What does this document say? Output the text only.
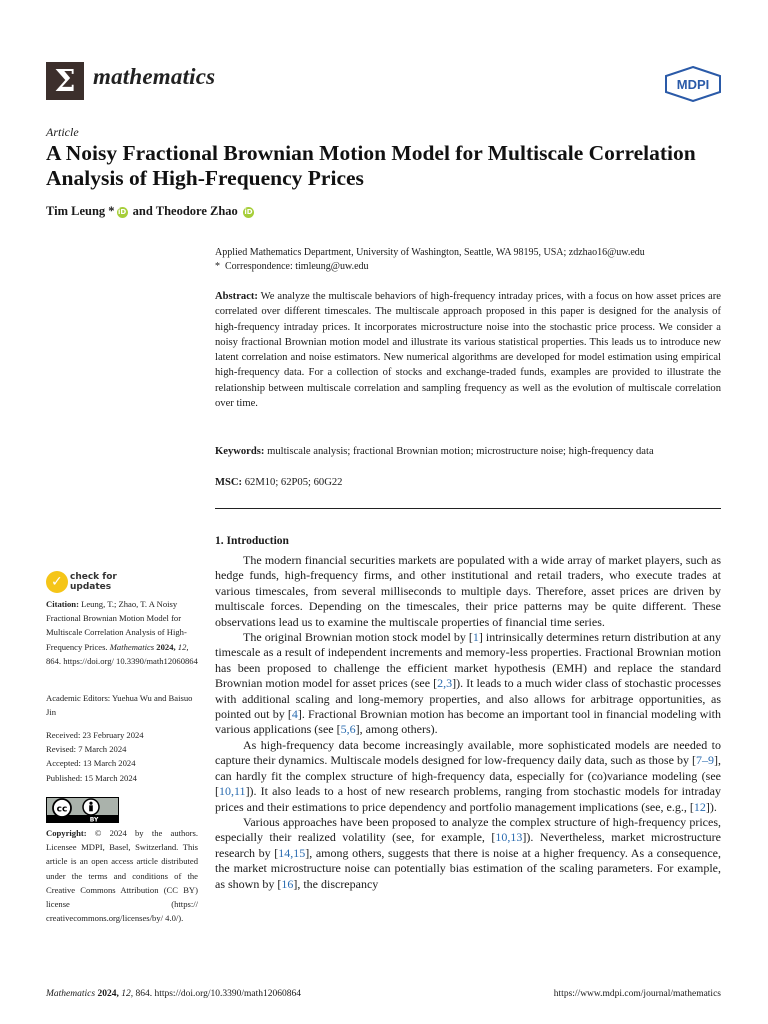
Σ mathematics	MDPI
Article
A Noisy Fractional Brownian Motion Model for Multiscale Correlation Analysis of High-Frequency Prices
Tim Leung * iD and Theodore Zhao iD
Applied Mathematics Department, University of Washington, Seattle, WA 98195, USA; zdzhao16@uw.edu
* Correspondence: timleung@uw.edu
Abstract: We analyze the multiscale behaviors of high-frequency intraday prices, with a focus on how asset prices are correlated over different timescales. The multiscale approach proposed in this paper is designed for the analysis of high-frequency intraday prices. It incorporates microstructure noise into the stochastic price process. We consider a noisy fractional Brownian motion model and illustrate its various statistical properties. This leads us to introduce new latent correlation and noise estimators. New numerical algorithms are developed for model estimation using empirical high-frequency data. For a collection of stocks and exchange-traded funds, examples are provided to illustrate the relationship between multiscale correlation and sampling frequency as well as the evolution of multiscale correlation over time.
Keywords: multiscale analysis; fractional Brownian motion; microstructure noise; high-frequency data
MSC: 62M10; 62P05; 60G22
1. Introduction

The modern financial securities markets are populated with a wide array of market players, such as hedge funds, high-frequency firms, and other institutional and retail traders, who execute trades at various timescales, from several milliseconds to multiple days. Therefore, asset prices are driven by multiscale forces. Depending on the timescales, their price patterns may be quite different. These observations lead us to examine the multiscale properties of financial time series.

The original Brownian motion stock model by [1] intrinsically determines return distribution at any timescale as a result of independent increments and memory-less properties. Fractional Brownian motion has been proposed to challenge the efficient market hypothesis (EMH) and replace the standard Brownian motion model for asset prices (see [2,3]). It leads to a much wider class of stochastic processes with additional scaling and long-memory properties, and also allows for arbitrage opportunities, as pointed out by [4]. Fractional Brownian motion has become an important tool in financial modeling with various applications (see [5,6], among others).

As high-frequency data become increasingly available, more sophisticated models are needed to capture their dynamics. Multiscale models designed for low-frequency daily data, such as those by [7–9], can hardly fit the complex structure of high-frequency data, especially for (co)variance modeling (see [10,11]). It also leads to a host of new research problems, ranging from stochastic models for intraday prices and their estimations to price dependency and portfolio management implications (see, e.g., [12]).

Various approaches have been proposed to analyze the complex structure of high-frequency prices, especially their realized volatility (see, for example, [10,13]). Nevertheless, market microstructure research by [14,15], among others, suggests that there is noise at a higher frequency. As a consequence, the market microstructure noise can potentially bias estimation of the scaling parameters. For example, as shown by [16], the discrepancy

✓ check for
updates
Citation: Leung, T.; Zhao, T. A Noisy Fractional Brownian Motion Model for Multiscale Correlation Analysis of High-Frequency Prices. Mathematics 2024, 12, 864. https://doi.org/ 10.3390/math12060864
Academic Editors: Yuehua Wu and Baisuo Jin
Received: 23 February 2024
Revised: 7 March 2024
Accepted: 13 March 2024
Published: 15 March 2024
cc
BY
Copyright: © 2024 by the authors. Licensee MDPI, Basel, Switzerland. This article is an open access article distributed under the terms and conditions of the Creative Commons Attribution (CC BY) license (https:// creativecommons.org/licenses/by/ 4.0/).
Mathematics 2024, 12, 864. https://doi.org/10.3390/math12060864	https://www.mdpi.com/journal/mathematics
